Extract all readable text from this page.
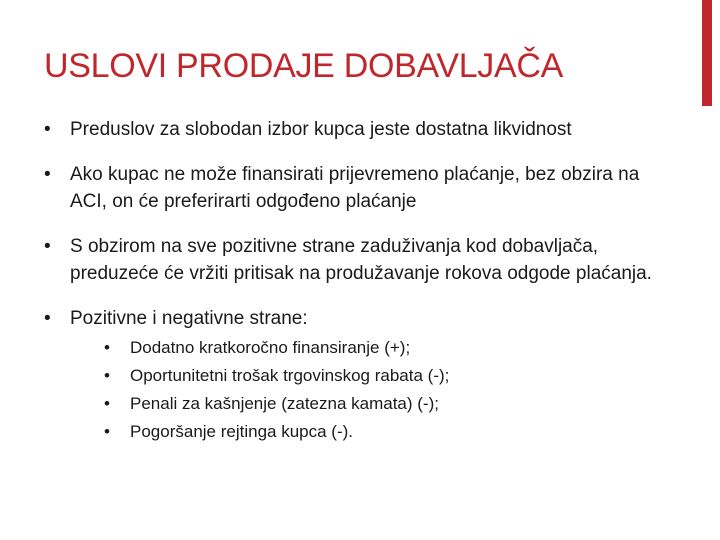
USLOVI PRODAJE DOBAVLJAČA
• Preduslov za slobodan izbor kupca jeste dostatna likvidnost
• Ako kupac ne može finansirati prijevremeno plaćanje, bez obzira na ACI, on će preferirarti odgođeno plaćanje
• S obzirom na sve pozitivne strane zaduživanja kod dobavljača, preduzeće će vržiti pritisak na produžavanje rokova odgode plaćanja.
• Pozitivne i negativne strane:
• Dodatno kratkoročno finansiranje (+);
• Oportunitetni trošak trgovinskog rabata (-);
• Penali za kašnjenje (zatezna kamata) (-);
• Pogoršanje rejtinga kupca (-).
